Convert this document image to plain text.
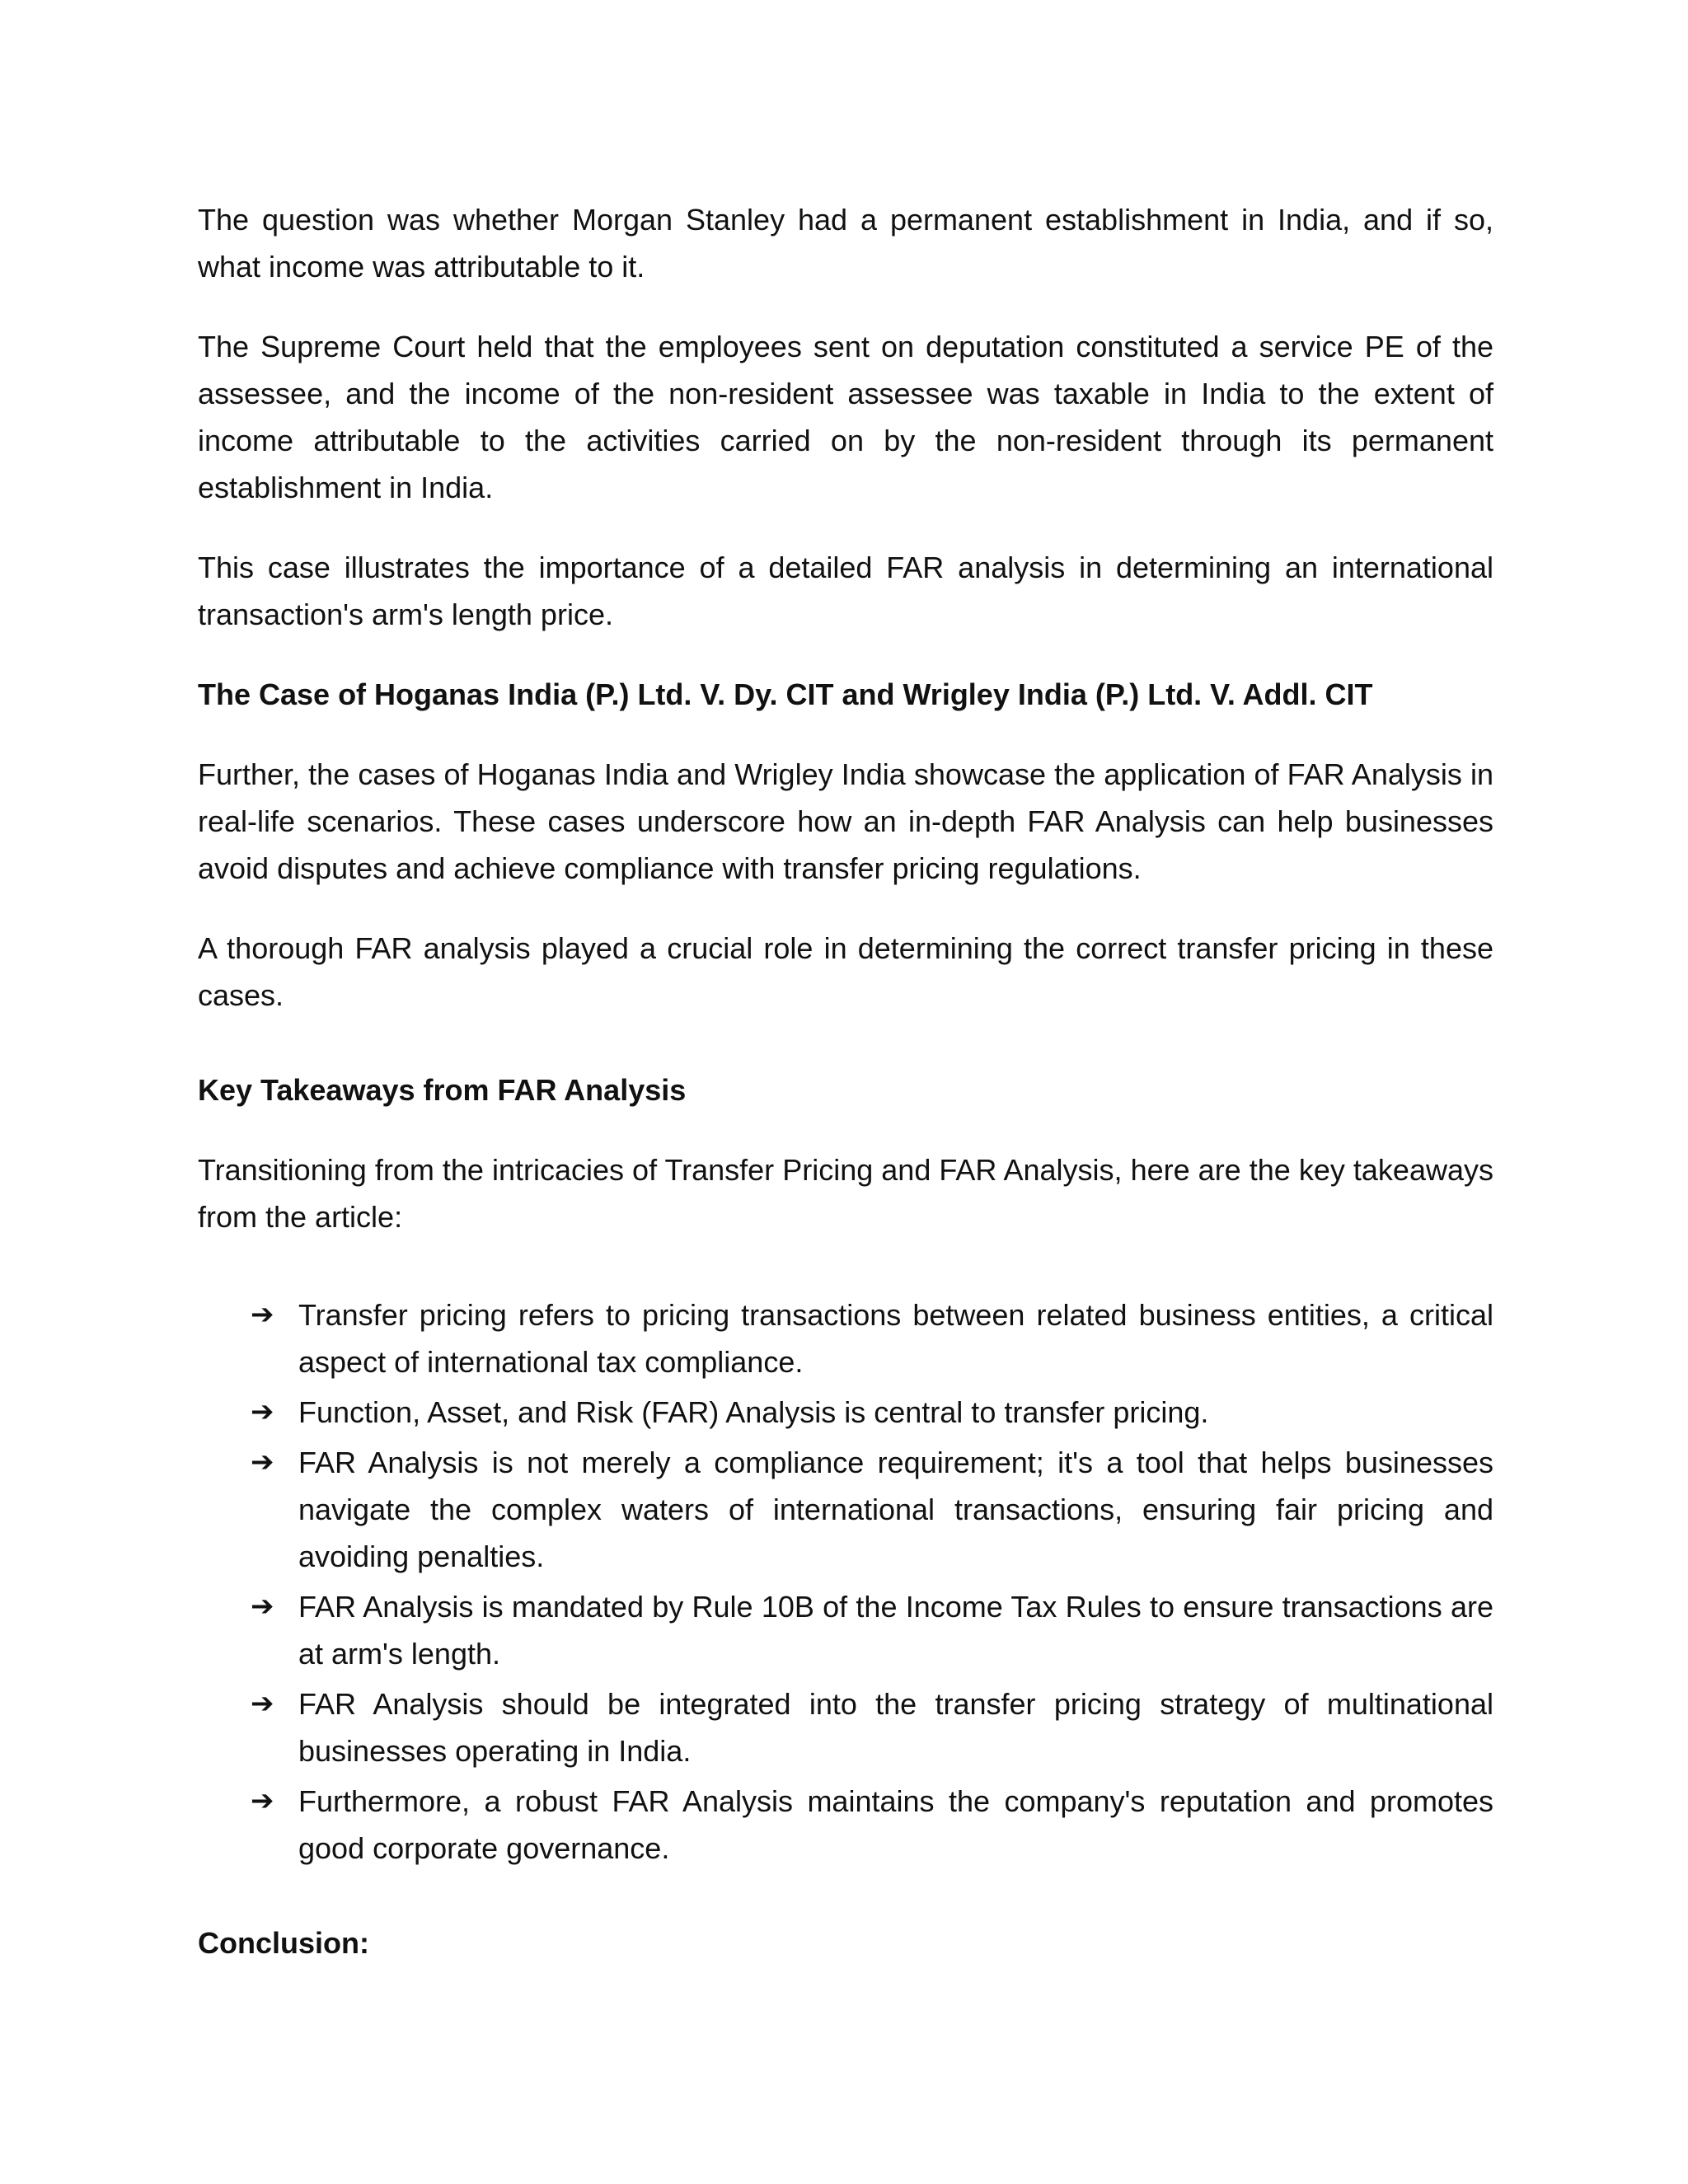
The question was whether Morgan Stanley had a permanent establishment in India, and if so, what income was attributable to it.

The Supreme Court held that the employees sent on deputation constituted a service PE of the assessee, and the income of the non-resident assessee was taxable in India to the extent of income attributable to the activities carried on by the non-resident through its permanent establishment in India.

This case illustrates the importance of a detailed FAR analysis in determining an international transaction's arm's length price.

The Case of Hoganas India (P.) Ltd. V. Dy. CIT and Wrigley India (P.) Ltd. V. Addl. CIT

Further, the cases of Hoganas India and Wrigley India showcase the application of FAR Analysis in real-life scenarios. These cases underscore how an in-depth FAR Analysis can help businesses avoid disputes and achieve compliance with transfer pricing regulations.

A thorough FAR analysis played a crucial role in determining the correct transfer pricing in these cases.

Key Takeaways from FAR Analysis

Transitioning from the intricacies of Transfer Pricing and FAR Analysis, here are the key takeaways from the article:

➔ Transfer pricing refers to pricing transactions between related business entities, a critical aspect of international tax compliance.
➔ Function, Asset, and Risk (FAR) Analysis is central to transfer pricing.
➔ FAR Analysis is not merely a compliance requirement; it's a tool that helps businesses navigate the complex waters of international transactions, ensuring fair pricing and avoiding penalties.
➔ FAR Analysis is mandated by Rule 10B of the Income Tax Rules to ensure transactions are at arm's length.
➔ FAR Analysis should be integrated into the transfer pricing strategy of multinational businesses operating in India.
➔ Furthermore, a robust FAR Analysis maintains the company's reputation and promotes good corporate governance.
Conclusion:
